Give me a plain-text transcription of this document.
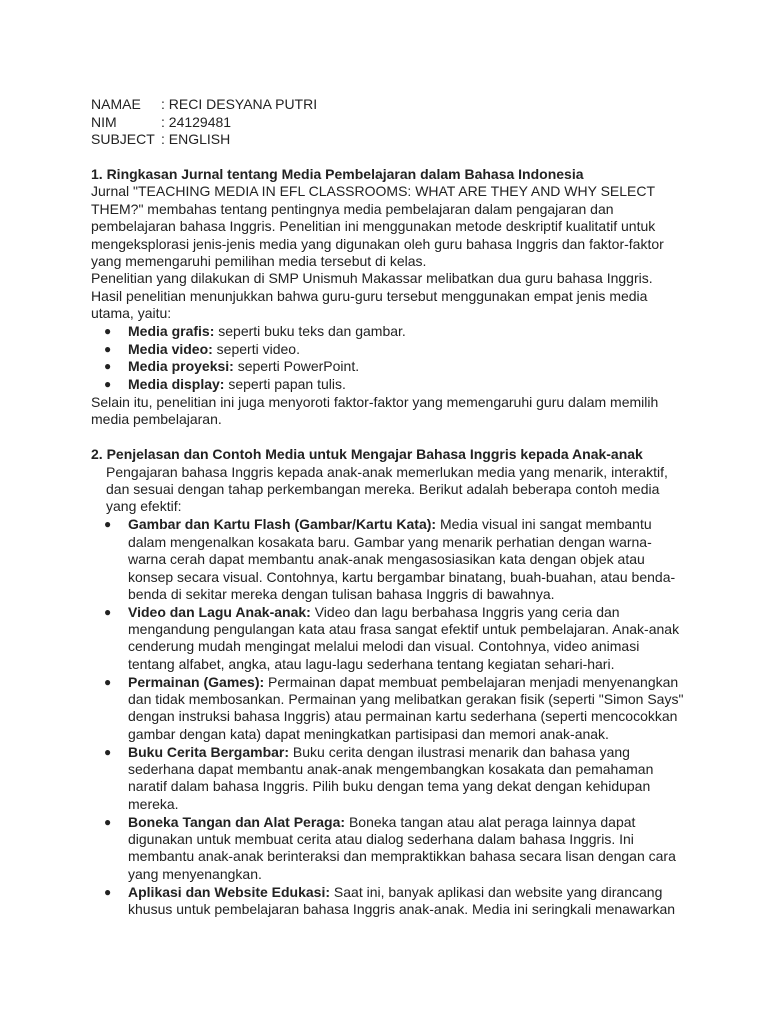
NAMAE : RECI DESYANA PUTRI
NIM	: 24129481
SUBJECT : ENGLISH
1. Ringkasan Jurnal tentang Media Pembelajaran dalam Bahasa Indonesia
Jurnal "TEACHING MEDIA IN EFL CLASSROOMS: WHAT ARE THEY AND WHY SELECT
THEM?" membahas tentang pentingnya media pembelajaran dalam pengajaran dan
pembelajaran bahasa Inggris. Penelitian ini menggunakan metode deskriptif kualitatif untuk
mengeksplorasi jenis-jenis media yang digunakan oleh guru bahasa Inggris dan faktor-faktor
yang memengaruhi pemilihan media tersebut di kelas.
Penelitian yang dilakukan di SMP Unismuh Makassar melibatkan dua guru bahasa Inggris.
Hasil penelitian menunjukkan bahwa guru-guru tersebut menggunakan empat jenis media
utama, yaitu:
● Media grafis: seperti buku teks dan gambar.
● Media video: seperti video.
● Media proyeksi: seperti PowerPoint.
● Media display: seperti papan tulis.
Selain itu, penelitian ini juga menyoroti faktor-faktor yang memengaruhi guru dalam memilih
media pembelajaran.
2. Penjelasan dan Contoh Media untuk Mengajar Bahasa Inggris kepada Anak-anak
Pengajaran bahasa Inggris kepada anak-anak memerlukan media yang menarik, interaktif,
dan sesuai dengan tahap perkembangan mereka. Berikut adalah beberapa contoh media
yang efektif:
● Gambar dan Kartu Flash (Gambar/Kartu Kata): Media visual ini sangat membantu
dalam mengenalkan kosakata baru. Gambar yang menarik perhatian dengan warna-
warna cerah dapat membantu anak-anak mengasosiasikan kata dengan objek atau
konsep secara visual. Contohnya, kartu bergambar binatang, buah-buahan, atau benda-
benda di sekitar mereka dengan tulisan bahasa Inggris di bawahnya.
● Video dan Lagu Anak-anak: Video dan lagu berbahasa Inggris yang ceria dan
mengandung pengulangan kata atau frasa sangat efektif untuk pembelajaran. Anak-anak
cenderung mudah mengingat melalui melodi dan visual. Contohnya, video animasi
tentang alfabet, angka, atau lagu-lagu sederhana tentang kegiatan sehari-hari.
● Permainan (Games): Permainan dapat membuat pembelajaran menjadi menyenangkan
dan tidak membosankan. Permainan yang melibatkan gerakan fisik (seperti "Simon Says"
dengan instruksi bahasa Inggris) atau permainan kartu sederhana (seperti mencocokkan
gambar dengan kata) dapat meningkatkan partisipasi dan memori anak-anak.
● Buku Cerita Bergambar: Buku cerita dengan ilustrasi menarik dan bahasa yang
sederhana dapat membantu anak-anak mengembangkan kosakata dan pemahaman
naratif dalam bahasa Inggris. Pilih buku dengan tema yang dekat dengan kehidupan
mereka.
● Boneka Tangan dan Alat Peraga: Boneka tangan atau alat peraga lainnya dapat
digunakan untuk membuat cerita atau dialog sederhana dalam bahasa Inggris. Ini
membantu anak-anak berinteraksi dan mempraktikkan bahasa secara lisan dengan cara
yang menyenangkan.
● Aplikasi dan Website Edukasi: Saat ini, banyak aplikasi dan website yang dirancang
khusus untuk pembelajaran bahasa Inggris anak-anak. Media ini seringkali menawarkan
